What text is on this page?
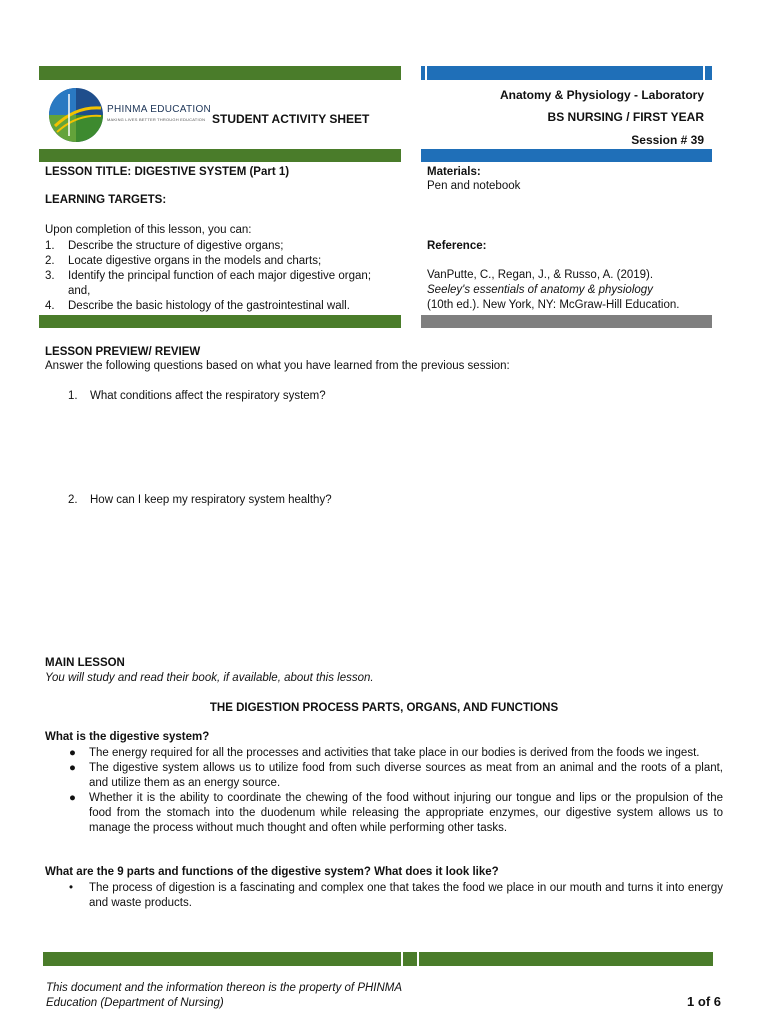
PHINMA EDUCATION
MAKING LIVES BETTER THROUGH EDUCATION STUDENT ACTIVITY SHEET
Anatomy & Physiology - Laboratory
BS NURSING / FIRST YEAR
Session # 39
LESSON TITLE: DIGESTIVE SYSTEM (Part 1)
LEARNING TARGETS:
Upon completion of this lesson, you can:
1. Describe the structure of digestive organs;
2. Locate digestive organs in the models and charts;
3. Identify the principal function of each major digestive organ; and,
4. Describe the basic histology of the gastrointestinal wall.
Materials:
Pen and notebook
Reference:
VanPutte, C., Regan, J., & Russo, A. (2019).
Seeley's essentials of anatomy & physiology
(10th ed.). New York, NY: McGraw-Hill Education.
LESSON PREVIEW/ REVIEW
Answer the following questions based on what you have learned from the previous session:
1. What conditions affect the respiratory system?
2. How can I keep my respiratory system healthy?
MAIN LESSON
You will study and read their book, if available, about this lesson.
THE DIGESTION PROCESS PARTS, ORGANS, AND FUNCTIONS
What is the digestive system?
● The energy required for all the processes and activities that take place in our bodies is derived from the foods we ingest.
● The digestive system allows us to utilize food from such diverse sources as meat from an animal and the roots of a plant, and utilize them as an energy source.
● Whether it is the ability to coordinate the chewing of the food without injuring our tongue and lips or the propulsion of the food from the stomach into the duodenum while releasing the appropriate enzymes, our digestive system allows us to manage the process without much thought and often while performing other tasks.
What are the 9 parts and functions of the digestive system? What does it look like?
• The process of digestion is a fascinating and complex one that takes the food we place in our mouth and turns it into energy and waste products.
This document and the information thereon is the property of PHINMA
Education (Department of Nursing)	1 of 6
